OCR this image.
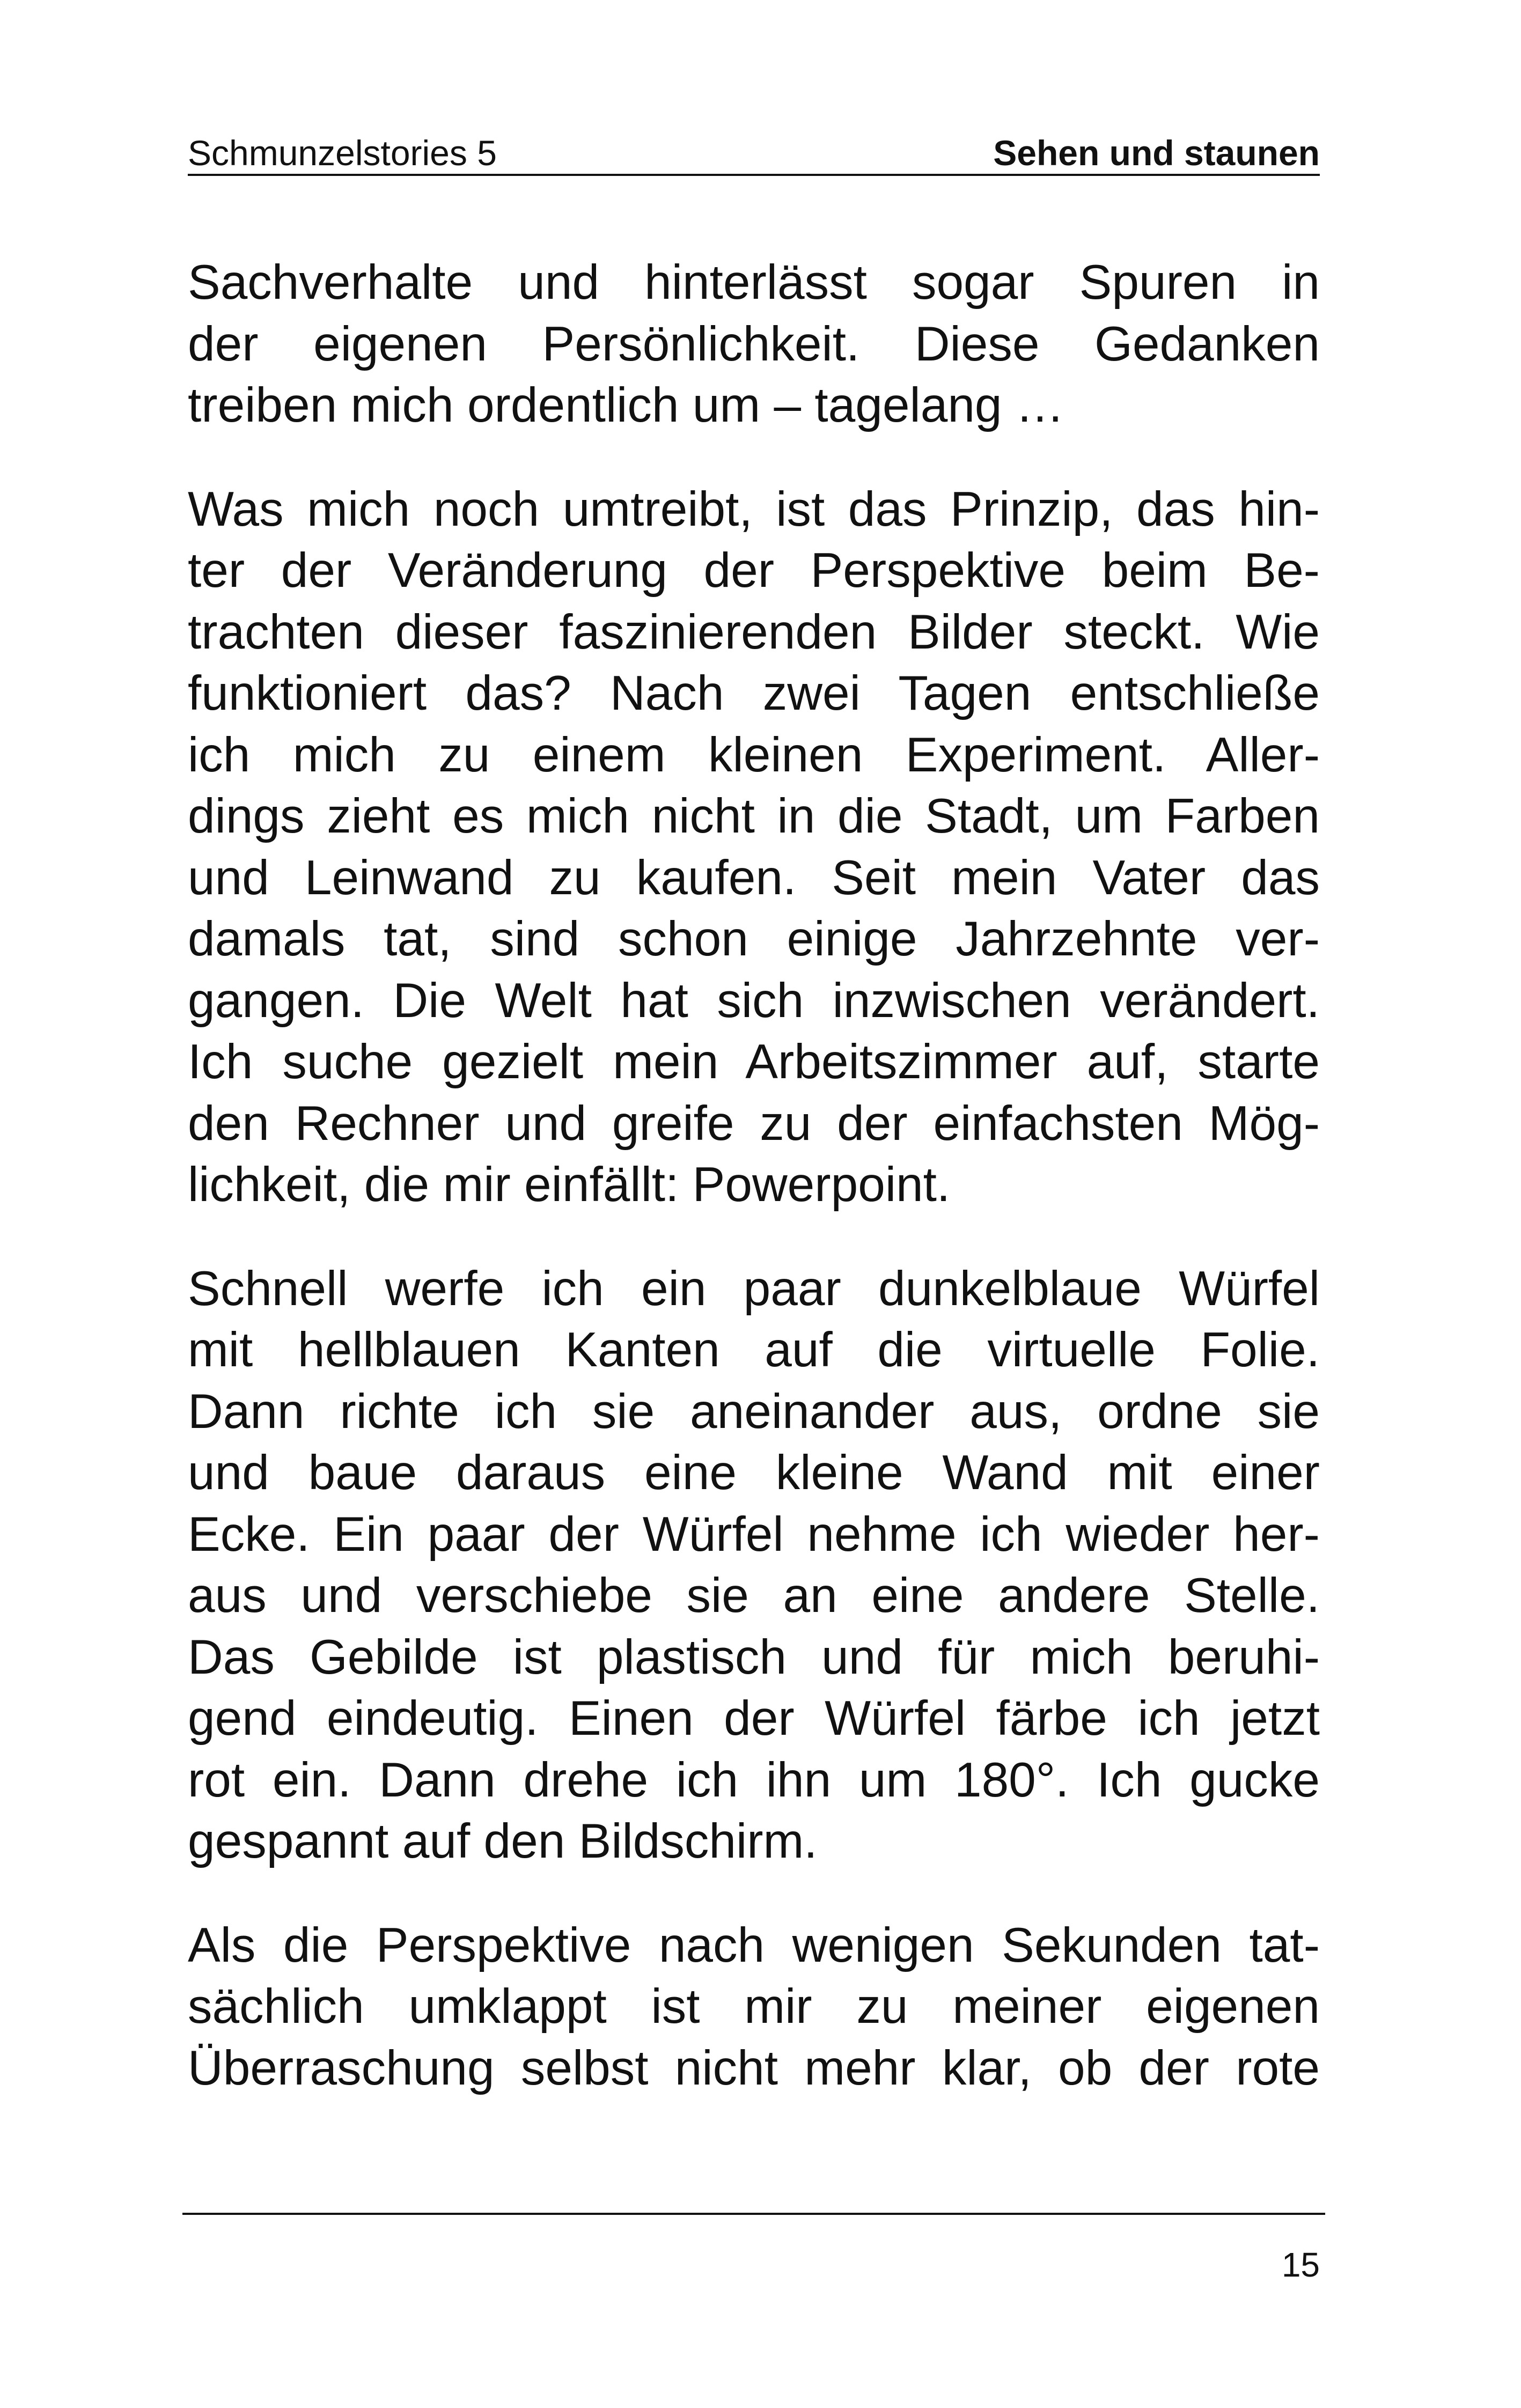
Schmunzelstories 5	Sehen und staunen

Sachverhalte und hinterlässt sogar Spuren in
der eigenen Persönlichkeit. Diese Gedanken
treiben mich ordentlich um – tagelang …

Was mich noch umtreibt, ist das Prinzip, das hin-
ter der Veränderung der Perspektive beim Be-
trachten dieser faszinierenden Bilder steckt. Wie
funktioniert das? Nach zwei Tagen entschließe
ich mich zu einem kleinen Experiment. Aller-
dings zieht es mich nicht in die Stadt, um Farben
und Leinwand zu kaufen. Seit mein Vater das
damals tat, sind schon einige Jahrzehnte ver-
gangen. Die Welt hat sich inzwischen verändert.
Ich suche gezielt mein Arbeitszimmer auf, starte
den Rechner und greife zu der einfachsten Mög-
lichkeit, die mir einfällt: Powerpoint.

Schnell werfe ich ein paar dunkelblaue Würfel
mit hellblauen Kanten auf die virtuelle Folie.
Dann richte ich sie aneinander aus, ordne sie
und baue daraus eine kleine Wand mit einer
Ecke. Ein paar der Würfel nehme ich wieder her-
aus und verschiebe sie an eine andere Stelle.
Das Gebilde ist plastisch und für mich beruhi-
gend eindeutig. Einen der Würfel färbe ich jetzt
rot ein. Dann drehe ich ihn um 180°. Ich gucke
gespannt auf den Bildschirm.

Als die Perspektive nach wenigen Sekunden tat-
sächlich umklappt ist mir zu meiner eigenen
Überraschung selbst nicht mehr klar, ob der rote

15
